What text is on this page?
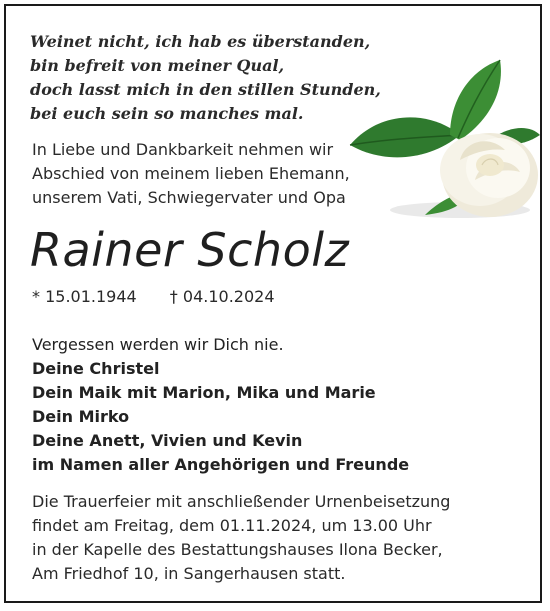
Weinet nicht, ich hab es überstanden,
bin befreit von meiner Qual,
doch lasst mich in den stillen Stunden,
bei euch sein so manches mal.
In Liebe und Dankbarkeit nehmen wir
Abschied von meinem lieben Ehemann,
unserem Vati, Schwiegervater und Opa
Rainer Scholz
* 15.01.1944 † 04.10.2024
Vergessen werden wir Dich nie.
Deine Christel
Dein Maik mit Marion, Mika und Marie
Dein Mirko
Deine Anett, Vivien und Kevin
im Namen aller Angehörigen und Freunde
Die Trauerfeier mit anschließender Urnenbeisetzung
findet am Freitag, dem 01.11.2024, um 13.00 Uhr
in der Kapelle des Bestattungshauses Ilona Becker,
Am Friedhof 10, in Sangerhausen statt.
